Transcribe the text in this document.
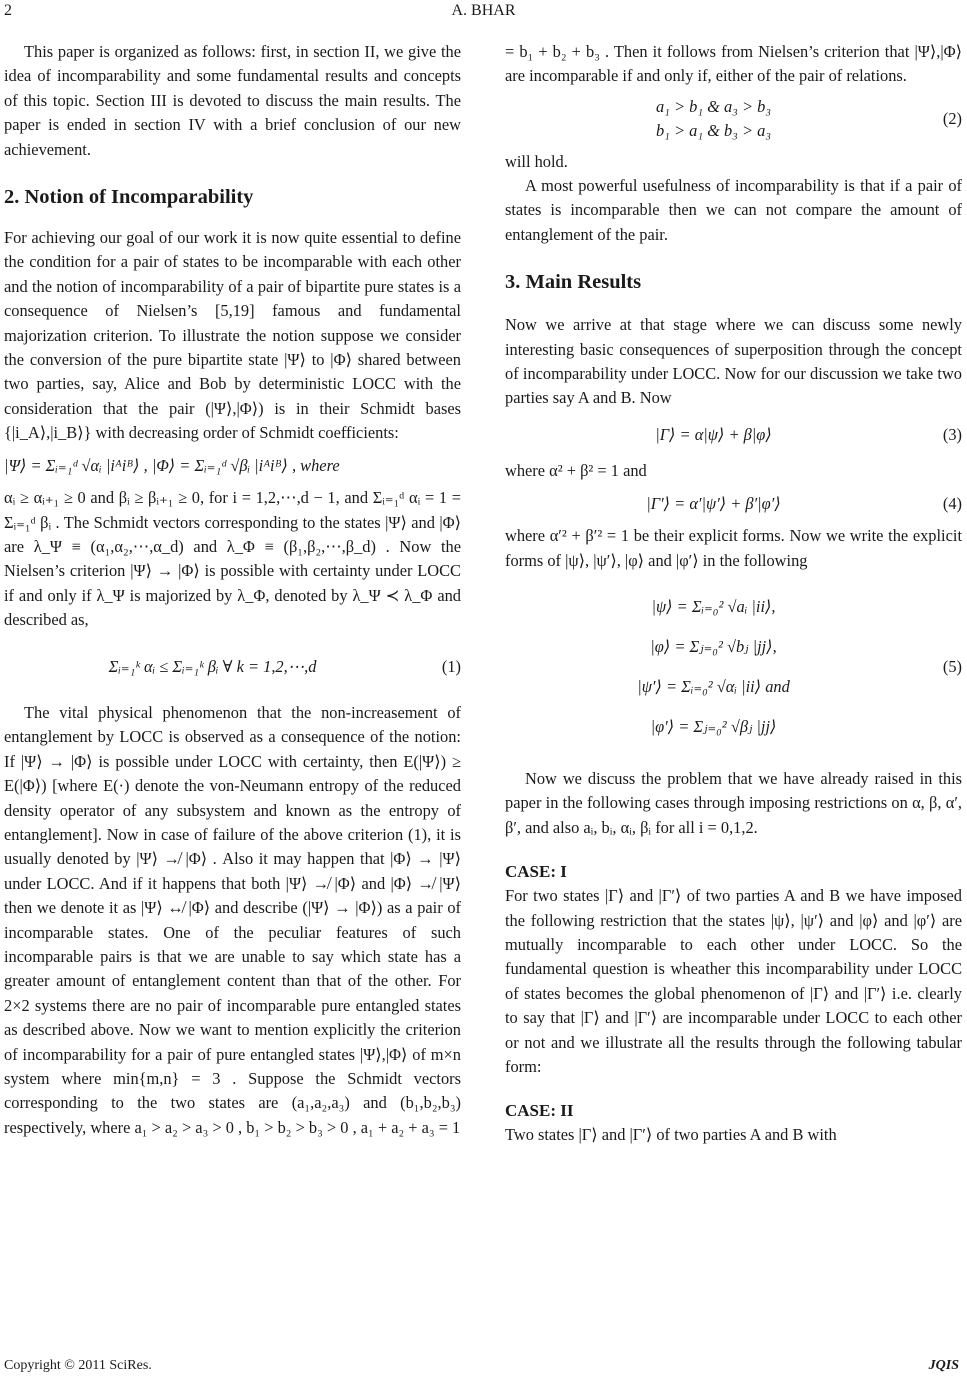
2	A. BHAR

This paper is organized as follows: first, in section II, we give the idea of incomparability and some fundamental results and concepts of this topic. Section III is devoted to discuss the main results. The paper is ended in section IV with a brief conclusion of our new achievement.

2. Notion of Incomparability

For achieving our goal of our work it is now quite essential to define the condition for a pair of states to be incomparable with each other and the notion of incomparability of a pair of bipartite pure states is a consequence of Nielsen’s [5,19] famous and fundamental majorization criterion. To illustrate the notion suppose we consider the conversion of the pure bipartite state |Ψ⟩ to |Φ⟩ shared between two parties, say, Alice and Bob by deterministic LOCC with the consideration that the pair (|Ψ⟩,|Φ⟩) is in their Schmidt bases {|i_A⟩,|i_B⟩} with decreasing order of Schmidt coefficients:

|Ψ⟩ = Σᵢ₌₁ᵈ √αᵢ |iᴬiᴮ⟩ , |Φ⟩ = Σᵢ₌₁ᵈ √βᵢ |iᴬiᴮ⟩ , where

αᵢ ≥ αᵢ₊₁ ≥ 0 and βᵢ ≥ βᵢ₊₁ ≥ 0, for i = 1,2,⋯,d − 1, and Σᵢ₌₁ᵈ αᵢ = 1 = Σᵢ₌₁ᵈ βᵢ . The Schmidt vectors corresponding to the states |Ψ⟩ and |Φ⟩ are λ_Ψ ≡ (α₁,α₂,⋯,α_d) and λ_Φ ≡ (β₁,β₂,⋯,β_d) . Now the Nielsen’s criterion |Ψ⟩ → |Φ⟩ is possible with certainty under LOCC if and only if λ_Ψ is majorized by λ_Φ, denoted by λ_Ψ ≺ λ_Φ and described as,

Σᵢ₌₁ᵏ αᵢ ≤ Σᵢ₌₁ᵏ βᵢ ∀ k = 1,2,⋯,d	(1)

The vital physical phenomenon that the non-increasement of entanglement by LOCC is observed as a consequence of the notion: If |Ψ⟩ → |Φ⟩ is possible under LOCC with certainty, then E(|Ψ⟩) ≥ E(|Φ⟩) [where E(·) denote the von-Neumann entropy of the reduced density operator of any subsystem and known as the entropy of entanglement]. Now in case of failure of the above criterion (1), it is usually denoted by |Ψ⟩ ↛ |Φ⟩ . Also it may happen that |Φ⟩ → |Ψ⟩ under LOCC. And if it happens that both |Ψ⟩ ↛ |Φ⟩ and |Φ⟩ ↛ |Ψ⟩ then we denote it as |Ψ⟩ ↮ |Φ⟩ and describe (|Ψ⟩ → |Φ⟩) as a pair of incomparable states. One of the peculiar features of such incomparable pairs is that we are unable to say which state has a greater amount of entanglement content than that of the other. For 2×2 systems there are no pair of incomparable pure entangled states as described above. Now we want to mention explicitly the criterion of incomparability for a pair of pure entangled states |Ψ⟩,|Φ⟩ of m×n system where min{m,n} = 3 . Suppose the Schmidt vectors corresponding to the two states are (a₁,a₂,a₃) and (b₁,b₂,b₃) respectively, where a₁ > a₂ > a₃ > 0 , b₁ > b₂ > b₃ > 0 , a₁ + a₂ + a₃ = 1

= b₁ + b₂ + b₃ . Then it follows from Nielsen’s criterion that |Ψ⟩,|Φ⟩ are incomparable if and only if, either of the pair of relations.

a₁ > b₁ & a₃ > b₃
b₁ > a₁ & b₃ > a₃
(2)

will hold.

A most powerful usefulness of incomparability is that if a pair of states is incomparable then we can not compare the amount of entanglement of the pair.

3. Main Results

Now we arrive at that stage where we can discuss some newly interesting basic consequences of superposition through the concept of incomparability under LOCC. Now for our discussion we take two parties say A and B. Now

|Γ⟩ = α|ψ⟩ + β|φ⟩	(3)

where α² + β² = 1 and

|Γ′⟩ = α′|ψ′⟩ + β′|φ′⟩	(4)

where α′² + β′² = 1 be their explicit forms. Now we write the explicit forms of |ψ⟩, |ψ′⟩, |φ⟩ and |φ′⟩ in the following

|ψ⟩ = Σᵢ₌₀² √aᵢ |ii⟩,
|φ⟩ = Σⱼ₌₀² √bⱼ |jj⟩,
|ψ′⟩ = Σᵢ₌₀² √αᵢ |ii⟩ and
|φ′⟩ = Σⱼ₌₀² √βⱼ |jj⟩
(5)

Now we discuss the problem that we have already raised in this paper in the following cases through imposing restrictions on α, β, α′, β′, and also aᵢ, bᵢ, αᵢ, βᵢ for all i = 0,1,2.

CASE: I

For two states |Γ⟩ and |Γ′⟩ of two parties A and B we have imposed the following restriction that the states |ψ⟩, |ψ′⟩ and |φ⟩ and |φ′⟩ are mutually incomparable to each other under LOCC. So the fundamental question is wheather this incomparability under LOCC of states becomes the global phenomenon of |Γ⟩ and |Γ′⟩ i.e. clearly to say that |Γ⟩ and |Γ′⟩ are incomparable under LOCC to each other or not and we illustrate all the results through the following tabular form:

CASE: II

Two states |Γ⟩ and |Γ′⟩ of two parties A and B with

Copyright © 2011 SciRes.	JQIS
